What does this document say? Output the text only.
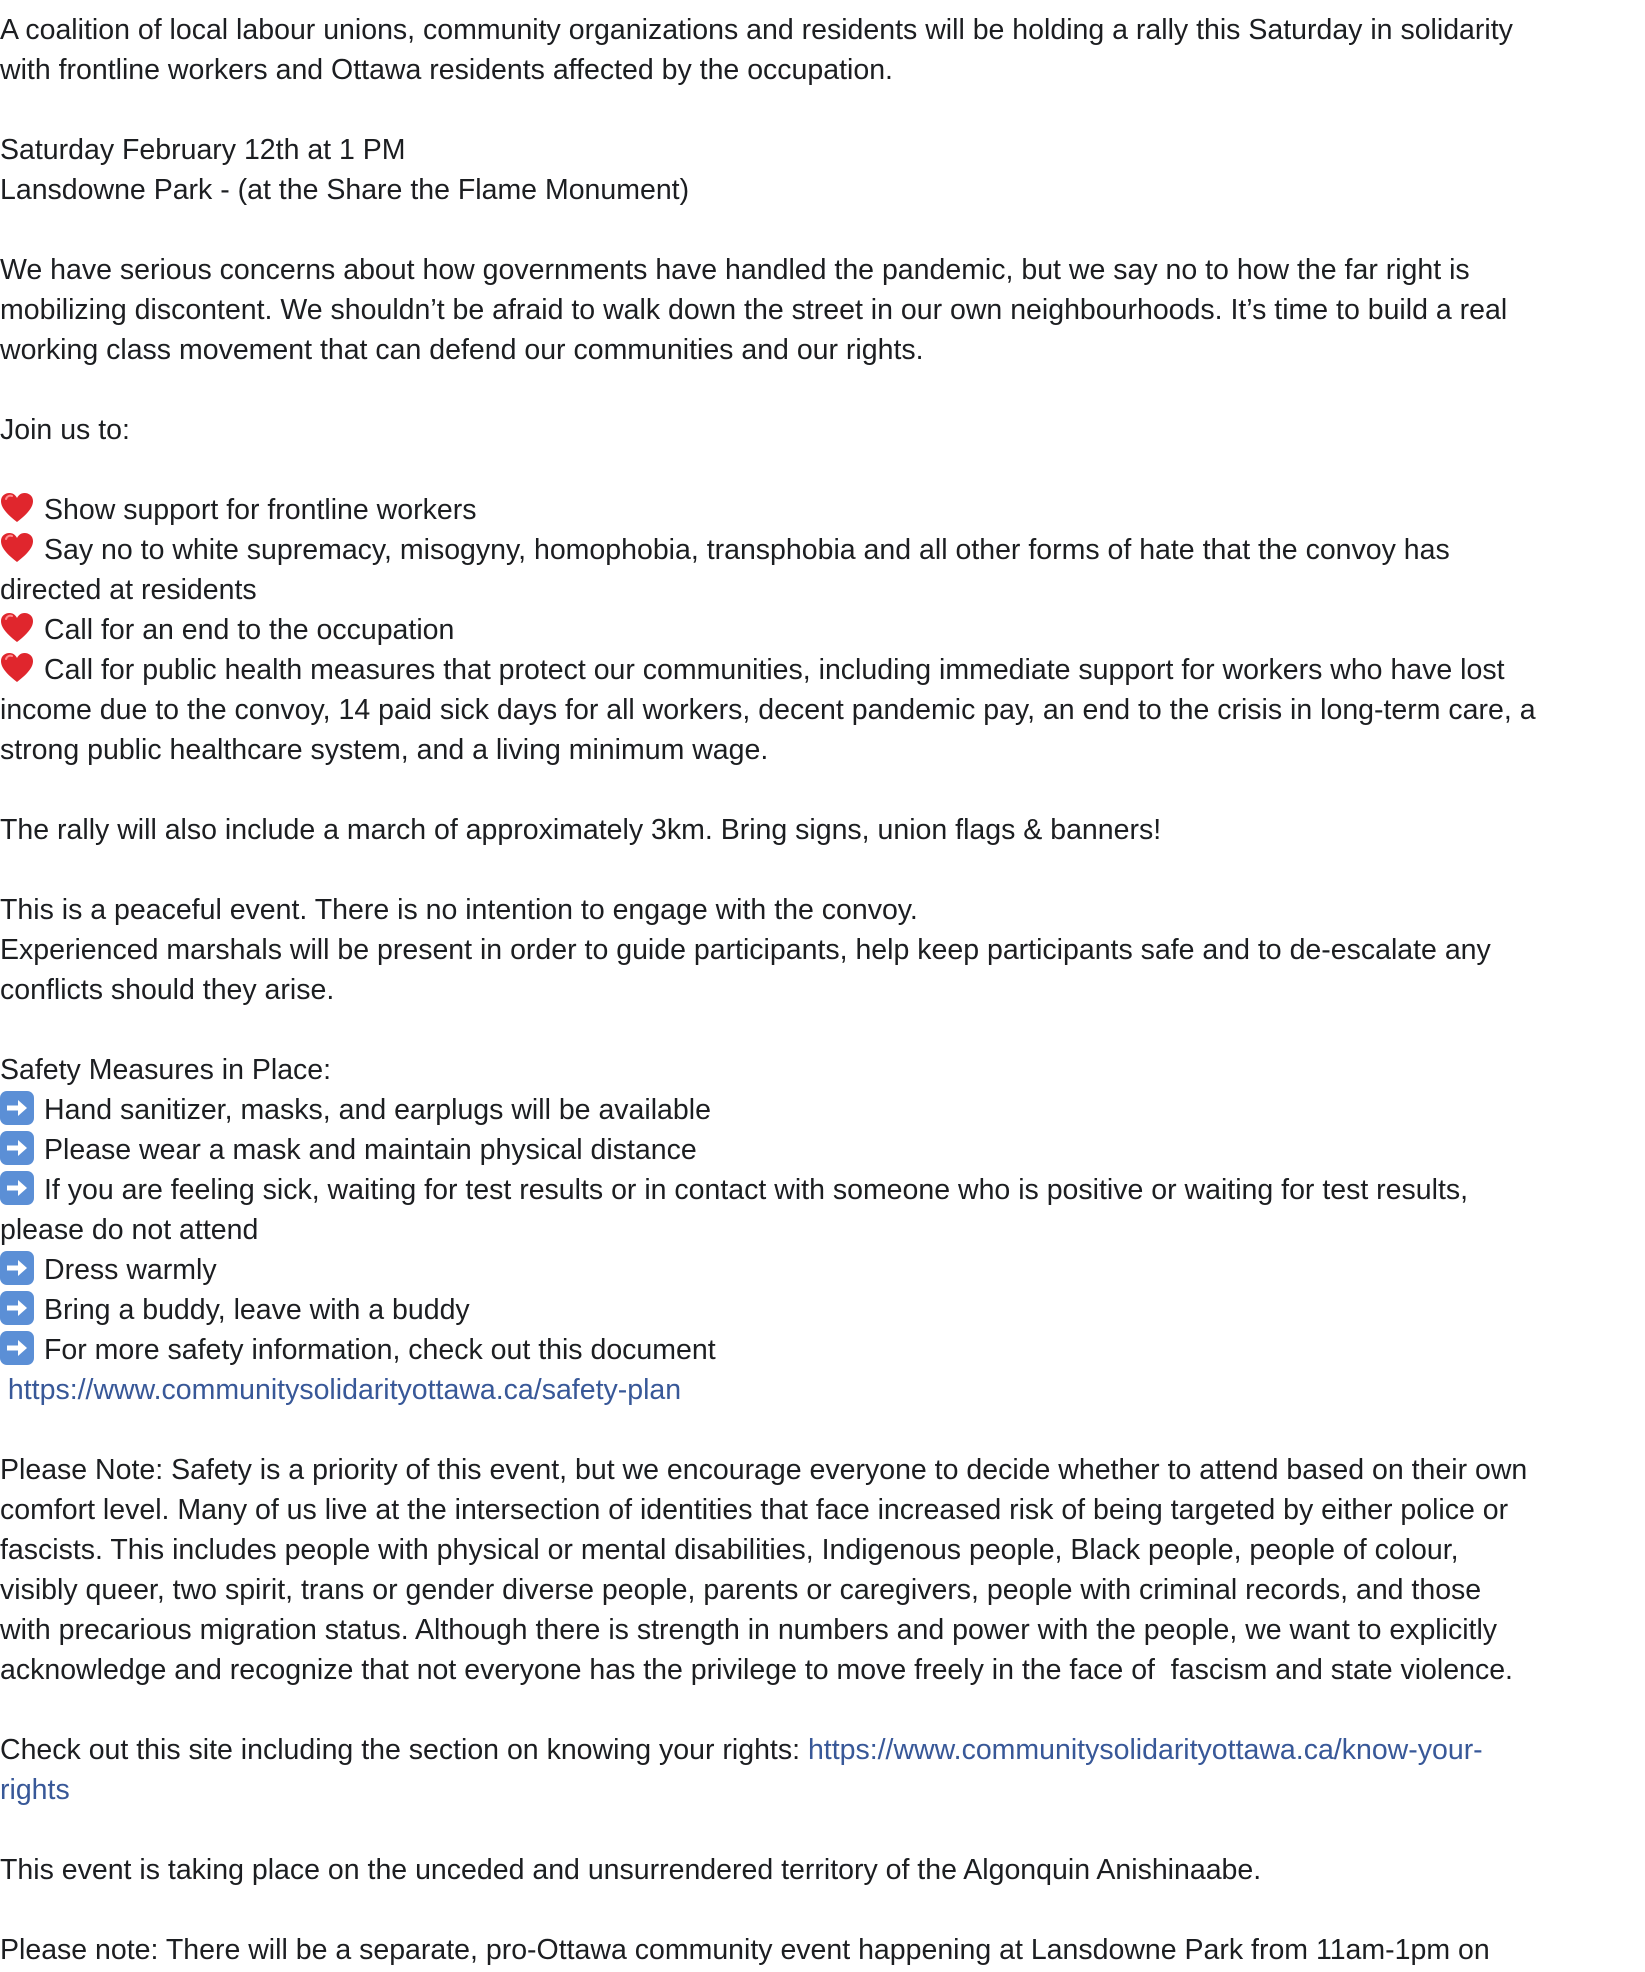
A coalition of local labour unions, community organizations and residents will be holding a rally this Saturday in solidarity
with frontline workers and Ottawa residents affected by the occupation.
Saturday February 12th at 1 PM
Lansdowne Park - (at the Share the Flame Monument)
We have serious concerns about how governments have handled the pandemic, but we say no to how the far right is
mobilizing discontent. We shouldn’t be afraid to walk down the street in our own neighbourhoods. It’s time to build a real
working class movement that can defend our communities and our rights.
Join us to:
Show support for frontline workers
Say no to white supremacy, misogyny, homophobia, transphobia and all other forms of hate that the convoy has
directed at residents
Call for an end to the occupation
Call for public health measures that protect our communities, including immediate support for workers who have lost
income due to the convoy, 14 paid sick days for all workers, decent pandemic pay, an end to the crisis in long-term care, a
strong public healthcare system, and a living minimum wage.
The rally will also include a march of approximately 3km. Bring signs, union flags & banners!
This is a peaceful event. There is no intention to engage with the convoy.
Experienced marshals will be present in order to guide participants, help keep participants safe and to de-escalate any
conflicts should they arise.
Safety Measures in Place:
Hand sanitizer, masks, and earplugs will be available
Please wear a mask and maintain physical distance
If you are feeling sick, waiting for test results or in contact with someone who is positive or waiting for test results,
please do not attend
Dress warmly
Bring a buddy, leave with a buddy
For more safety information, check out this document
https://www.communitysolidarityottawa.ca/safety-plan
Please Note: Safety is a priority of this event, but we encourage everyone to decide whether to attend based on their own
comfort level. Many of us live at the intersection of identities that face increased risk of being targeted by either police or
fascists. This includes people with physical or mental disabilities, Indigenous people, Black people, people of colour,
visibly queer, two spirit, trans or gender diverse people, parents or caregivers, people with criminal records, and those
with precarious migration status. Although there is strength in numbers and power with the people, we want to explicitly
acknowledge and recognize that not everyone has the privilege to move freely in the face of  fascism and state violence.
Check out this site including the section on knowing your rights: https://www.communitysolidarityottawa.ca/know-your-
rights
This event is taking place on the unceded and unsurrendered territory of the Algonquin Anishinaabe.
Please note: There will be a separate, pro-Ottawa community event happening at Lansdowne Park from 11am-1pm on
